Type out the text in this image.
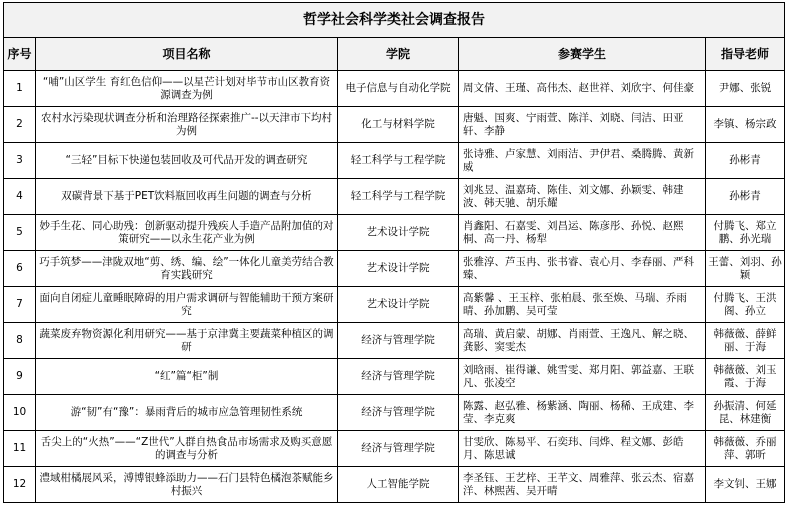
哲学社会科学类社会调查报告				
序号	项目名称	学院	参赛学生	指导老师
1	“哺”山区学生 育红色信仰——以星芒计划对毕节市山区教育资源调查为例	电子信息与自动化学院	周文倩、王瑾、高伟杰、赵世祥、刘欣宇、何佳豪	尹娜、张锐
2	农村水污染现状调查分析和治理路径探索推广--以天津市下均村为例	化工与材料学院	唐魁、国爽、宁雨萱、陈洋、刘晓、闫洁、田亚轩、李静	李镇、杨宗政
3	“三轻”目标下快递包装回收及可代品开发的调查研究	轻工科学与工程学院	张诗雅、卢家慧、刘雨洁、尹伊君、桑腾腾、黄新威	孙彬青
4	双碳背景下基于PET饮料瓶回收再生问题的调查与分析	轻工科学与工程学院	刘兆昱、温嘉琦、陈佳、刘文娜、孙颖雯、韩建波、韩天驰、胡乐耀	孙彬青
5	妙手生花、同心助残：创新驱动提升残疾人手造产品附加值的对策研究——以永生花产业为例	艺术设计学院	肖鑫阳、石嘉雯、刘昌运、陈彦彤、孙悦、赵熙桐、高一丹、杨犁	付腾飞、郑立鹏、孙光瑞
6	巧手筑梦——津陇双地“剪、绣、编、绘”一体化儿童美劳结合教育实践研究	艺术设计学院	张雅淳、芦玉冉、张书睿、袁心月、李春丽、严科臻、	王蕾、刘羽、孙颖
7	面向自闭症儿童睡眠障碍的用户需求调研与智能辅助干预方案研究	艺术设计学院	高紫馨 、王玉梓、张柏晨、张至焕、马瑞、乔雨晴、孙加鹏、吴可莹	付腾飞、王洪阁、孙立
8	蔬菜废弃物资源化利用研究——基于京津冀主要蔬菜种植区的调研	经济与管理学院	高瑞、黄启蒙、胡娜、肖雨萱、王逸凡、解之晓、龚影、窦雯杰	韩薇薇、薛鲜丽、于海
9	“红”篇“柜”制	经济与管理学院	刘晗雨、崔得谦、姚雪雯、郑月阳、郭益嘉、王联凡、张凌空	韩薇薇、刘玉霞、于海
10	游“韧”有“豫”：暴雨背后的城市应急管理韧性系统	经济与管理学院	陈露、赵弘雅、杨紫涵、陶丽、杨稀、王成建、李莹、李克爽	孙振清、何延昆、林建衡
11	舌尖上的“火热”——“Z世代”人群自热食品市场需求及购买意愿的调查与分析	经济与管理学院	甘雯欣、陈易平、石奕玮、闫烨、程文娜、彭皓月、陈思诚	韩薇薇、乔丽萍、郭昕
12	澧域柑橘展风采，溥博银蜂添助力——石门县特色橘泡茶赋能乡村振兴	人工智能学院	李圣钰、王艺梓、王芊文、周雅萍、张云杰、宿嘉洋、林熙茜、吴开晴	李文钊、王娜
